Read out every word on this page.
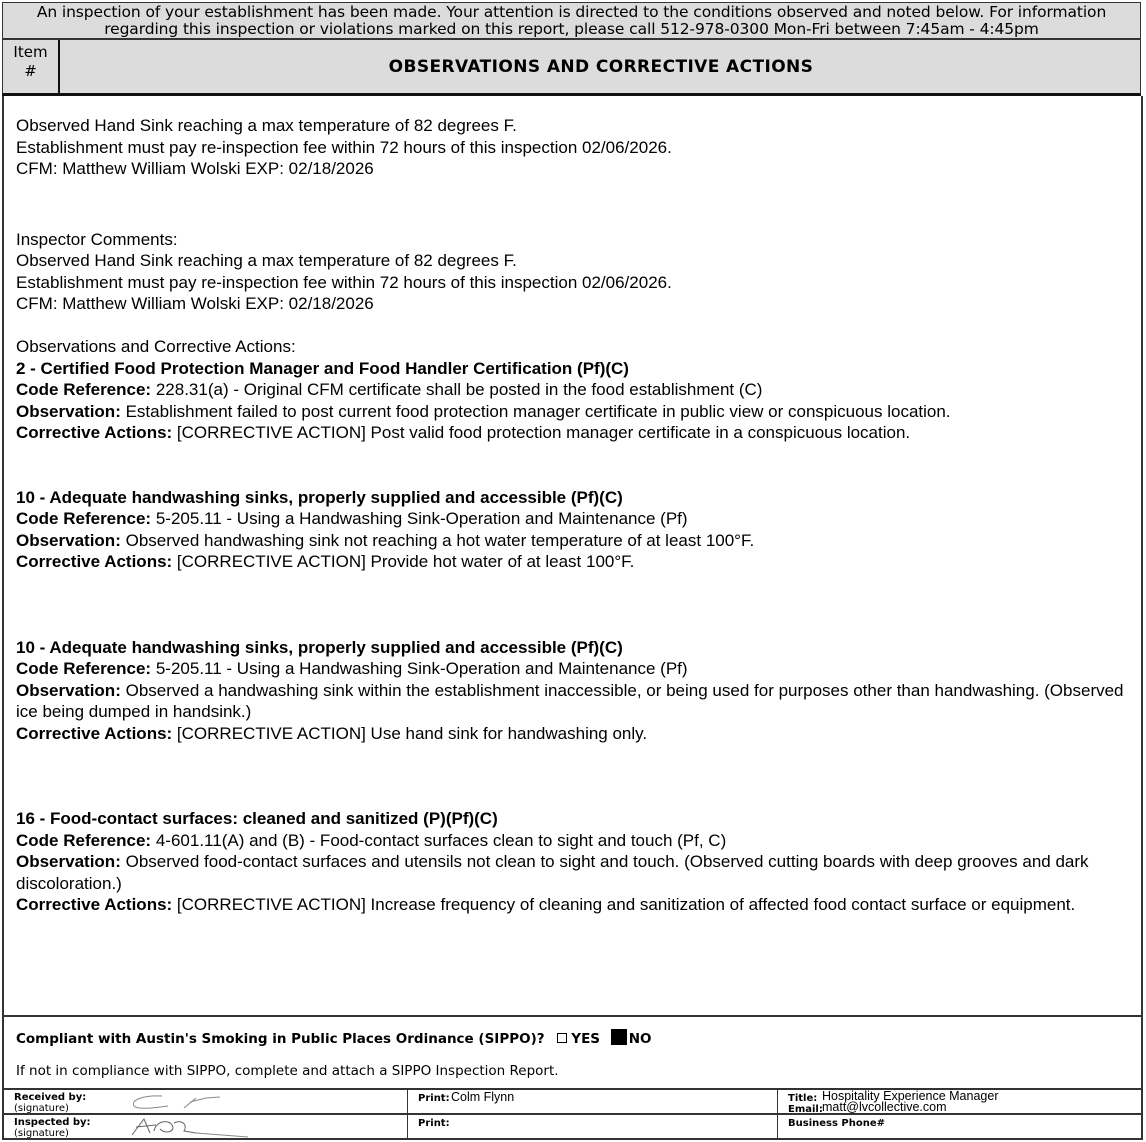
An inspection of your establishment has been made. Your attention is directed to the conditions observed and noted below. For information
regarding this inspection or violations marked on this report, please call 512-978-0300 Mon-Fri between 7:45am - 4:45pm
Item
#	OBSERVATIONS AND CORRECTIVE ACTIONS

Observed Hand Sink reaching a max temperature of 82 degrees F.

Establishment must pay re-inspection fee within 72 hours of this inspection 02/06/2026.

CFM: Matthew William Wolski EXP: 02/18/2026

Inspector Comments:

Observed Hand Sink reaching a max temperature of 82 degrees F.

Establishment must pay re-inspection fee within 72 hours of this inspection 02/06/2026.

CFM: Matthew William Wolski EXP: 02/18/2026

Observations and Corrective Actions:

2 - Certified Food Protection Manager and Food Handler Certification (Pf)(C)

Code Reference: 228.31(a) - Original CFM certificate shall be posted in the food establishment (C)

Observation: Establishment failed to post current food protection manager certificate in public view or conspicuous location.

Corrective Actions: [CORRECTIVE ACTION] Post valid food protection manager certificate in a conspicuous location.

10 - Adequate handwashing sinks, properly supplied and accessible (Pf)(C)

Code Reference: 5-205.11 - Using a Handwashing Sink-Operation and Maintenance (Pf)

Observation: Observed handwashing sink not reaching a hot water temperature of at least 100°F.

Corrective Actions: [CORRECTIVE ACTION] Provide hot water of at least 100°F.

10 - Adequate handwashing sinks, properly supplied and accessible (Pf)(C)

Code Reference: 5-205.11 - Using a Handwashing Sink-Operation and Maintenance (Pf)

Observation: Observed a handwashing sink within the establishment inaccessible, or being used for purposes other than handwashing. (Observed ice being dumped in handsink.)

Corrective Actions: [CORRECTIVE ACTION] Use hand sink for handwashing only.

16 - Food-contact surfaces: cleaned and sanitized (P)(Pf)(C)

Code Reference: 4-601.11(A) and (B) - Food-contact surfaces clean to sight and touch (Pf, C)

Observation: Observed food-contact surfaces and utensils not clean to sight and touch. (Observed cutting boards with deep grooves and dark discoloration.)

Corrective Actions: [CORRECTIVE ACTION] Increase frequency of cleaning and sanitization of affected food contact surface or equipment.

Compliant with Austin's Smoking in Public Places Ordinance (SIPPO)? YES NO
If not in compliance with SIPPO, complete and attach a SIPPO Inspection Report.
Received by:
(signature)
Print: Colm Flynn	Title: Hospitality Experience Manager
Email: matt@lvcollective.com
Inspected by:
(signature)
Print:	Business Phone#
